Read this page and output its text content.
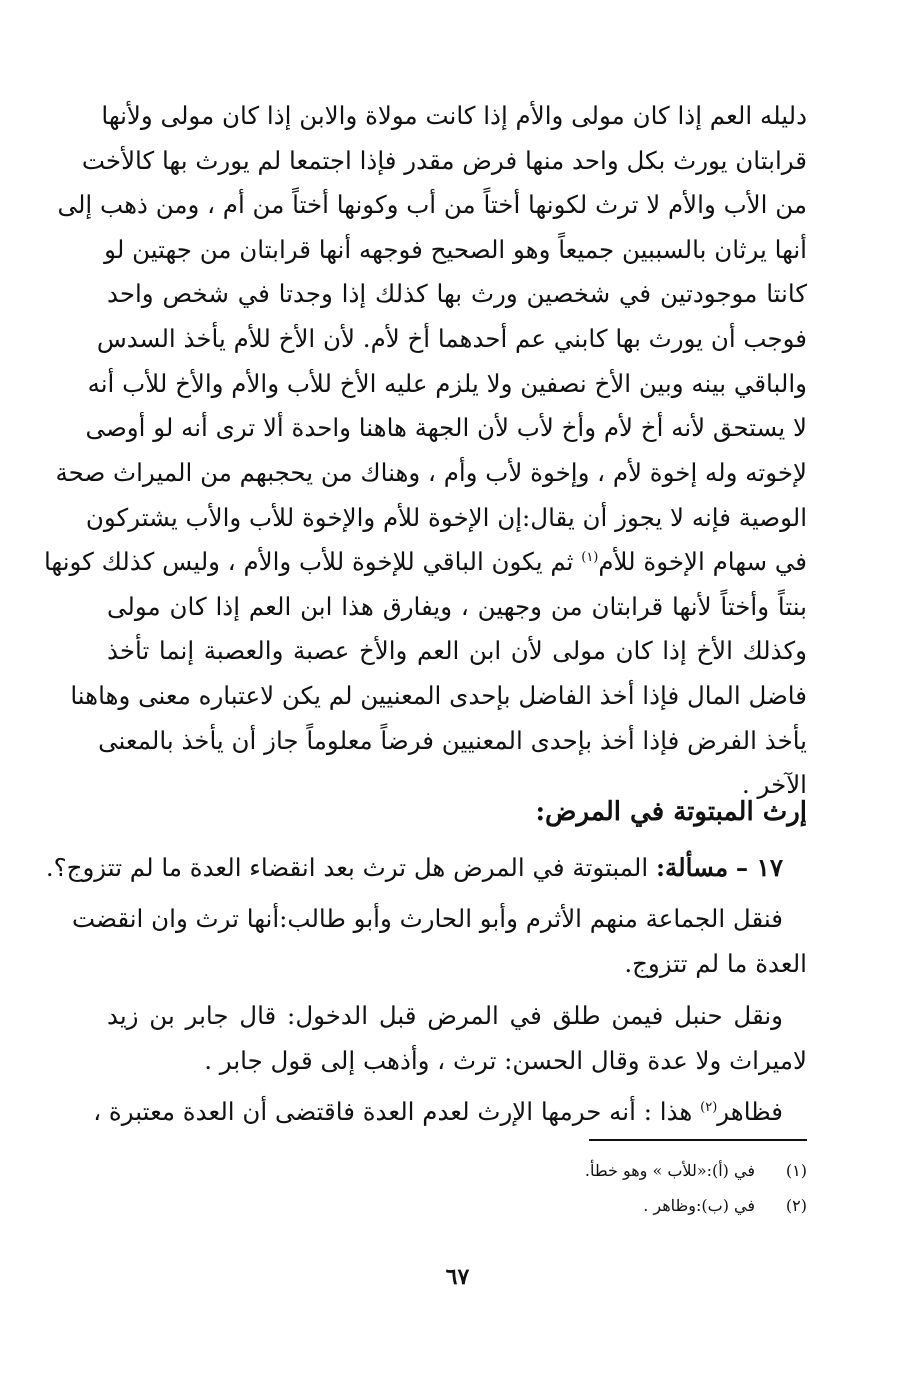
دليله العم إذا كان مولى والأم إذا كانت مولاة والابن إذا كان مولى ولأنها
قرابتان يورث بكل واحد منها فرض مقدر فإذا اجتمعا لم يورث بها كالأخت
من الأب والأم لا ترث لكونها أختاً من أب وكونها أختاً من أم ، ومن ذهب إلى
أنها يرثان بالسببين جميعاً وهو الصحيح فوجهه أنها قرابتان من جهتين لو
كانتا موجودتين في شخصين ورث بها كذلك إذا وجدتا في شخص واحد
فوجب أن يورث بها كابني عم أحدهما أخ لأم. لأن الأخ للأم يأخذ السدس
والباقي بينه وبين الأخ نصفين ولا يلزم عليه الأخ للأب والأم والأخ للأب أنه
لا يستحق لأنه أخ لأم وأخ لأب لأن الجهة هاهنا واحدة ألا ترى أنه لو أوصى
لإخوته وله إخوة لأم ، وإخوة لأب وأم ، وهناك من يحجبهم من الميراث صحة
الوصية فإنه لا يجوز أن يقال:إن الإخوة للأم والإخوة للأب والأب يشتركون
في سهام الإخوة للأم$^{(١)}$ ثم يكون الباقي للإخوة للأب والأم ، وليس كذلك كونها
بنتاً وأختاً لأنها قرابتان من وجهين ، ويفارق هذا ابن العم إذا كان مولى
وكذلك الأخ إذا كان مولى لأن ابن العم والأخ عصبة والعصبة إنما تأخذ
فاضل المال فإذا أخذ الفاضل بإحدى المعنيين لم يكن لاعتباره معنى وهاهنا
يأخذ الفرض فإذا أخذ بإحدى المعنيين فرضاً معلوماً جاز أن يأخذ بالمعنى
الآخر .
إرث المبتوتة في المرض:
١٧ – مسألة: المبتوتة في المرض هل ترث بعد انقضاء العدة ما لم تتزوج؟.
فنقل الجماعة منهم الأثرم وأبو الحارث وأبو طالب:أنها ترث وان انقضت
العدة ما لم تتزوج.
ونقل حنبل فيمن طلق في المرض قبل الدخول: قال جابر بن زيد
لاميراث ولا عدة وقال الحسن: ترث ، وأذهب إلى قول جابر .
فظاهر$^{(٢)}$ هذا : أنه حرمها الإرث لعدم العدة فاقتضى أن العدة معتبرة ،
(١)في (أ):«للأب » وهو خطأ.
(٢)في (ب):وظاهر .
٦٧
